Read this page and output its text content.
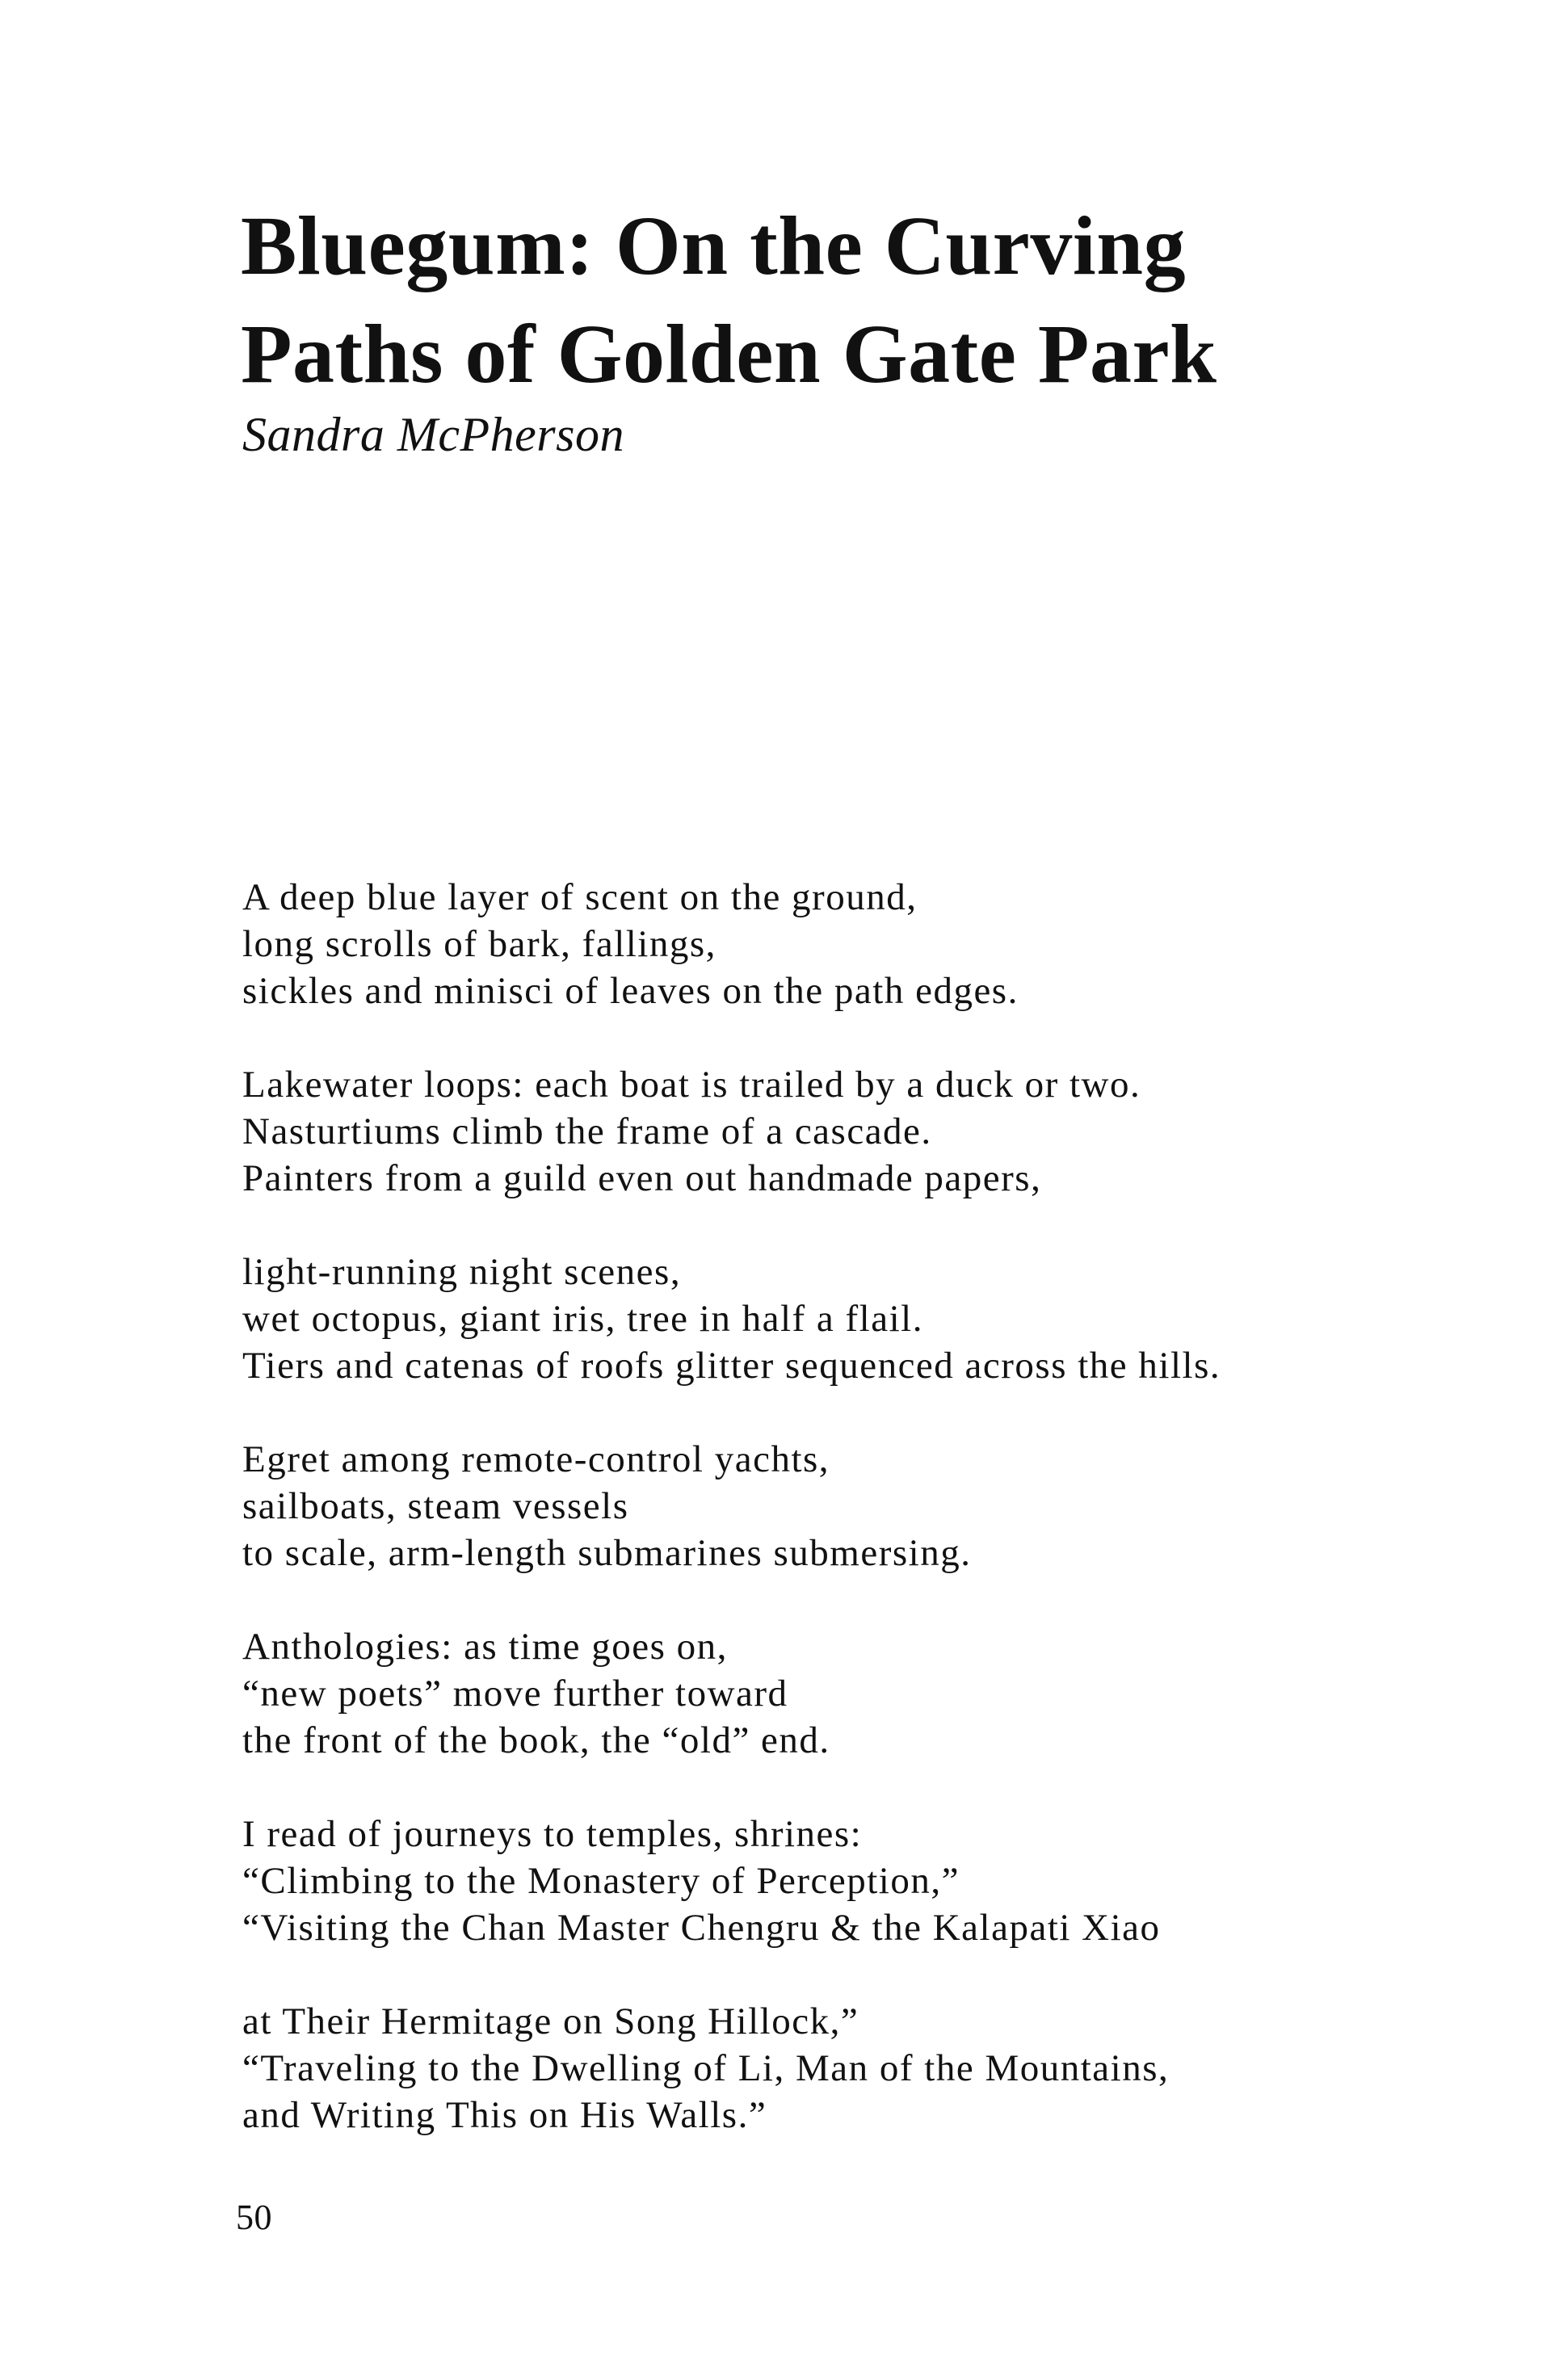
Bluegum: On the Curving
Paths of Golden Gate Park
Sandra McPherson
A deep blue layer of scent on the ground,
long scrolls of bark, fallings,
sickles and minisci of leaves on the path edges.
Lakewater loops: each boat is trailed by a duck or two.
Nasturtiums climb the frame of a cascade.
Painters from a guild even out handmade papers,
light-running night scenes,
wet octopus, giant iris, tree in half a flail.
Tiers and catenas of roofs glitter sequenced across the hills.
Egret among remote-control yachts,
sailboats, steam vessels
to scale, arm-length submarines submersing.
Anthologies: as time goes on,
“new poets” move further toward
the front of the book, the “old” end.
I read of journeys to temples, shrines:
“Climbing to the Monastery of Perception,”
“Visiting the Chan Master Chengru & the Kalapati Xiao
at Their Hermitage on Song Hillock,”
“Traveling to the Dwelling of Li, Man of the Mountains,
and Writing This on His Walls.”
50
